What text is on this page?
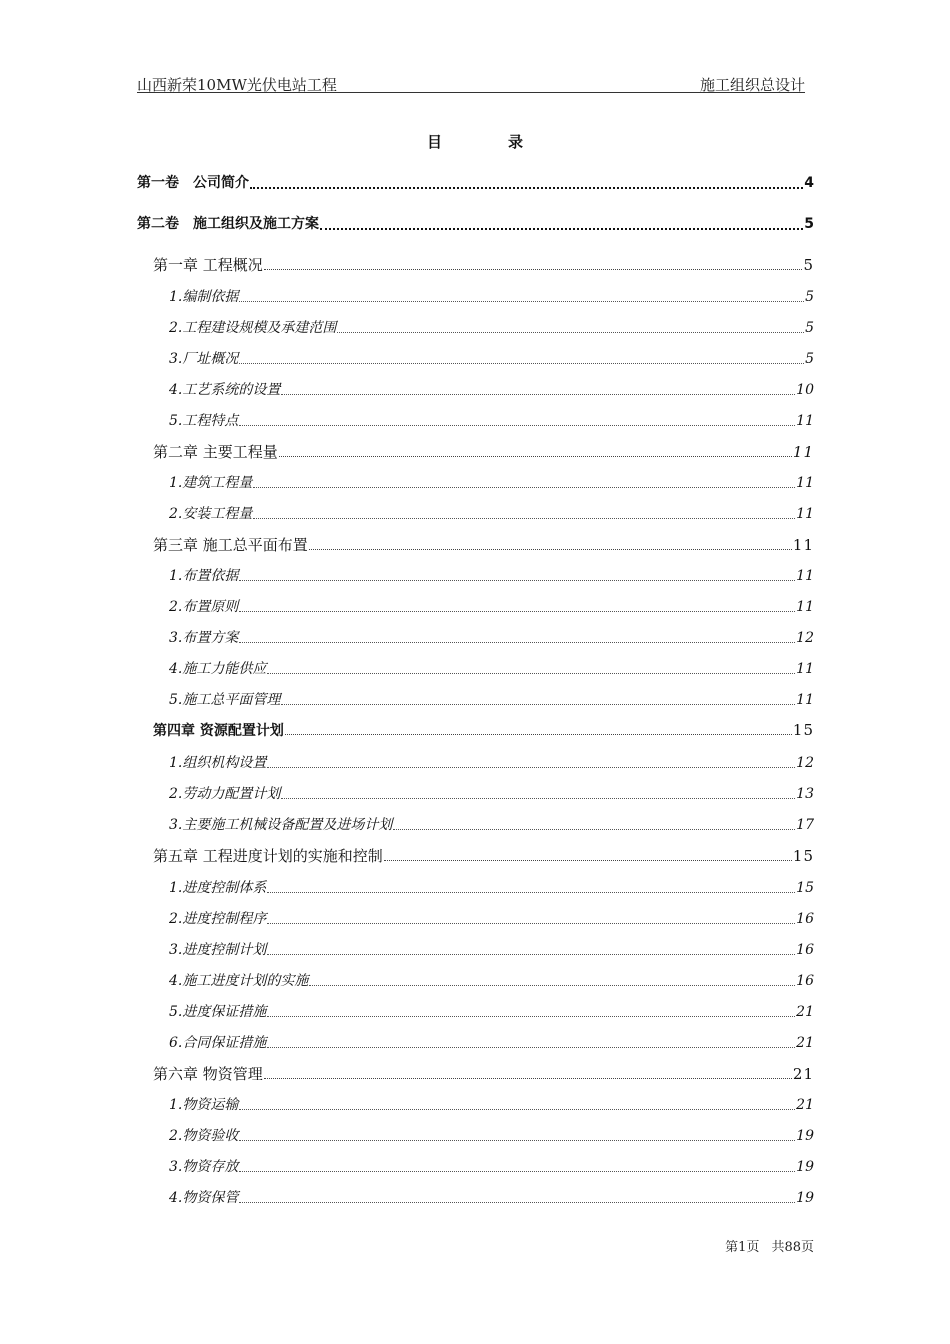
山西新荣10MW光伏电站工程	施工组织总设计
目	录
第一卷　公司简介	4
第二卷　施工组织及施工方案	5
第一章 工程概况	5
1.编制依据	5
2.工程建设规模及承建范围	5
3.厂址概况	5
4.工艺系统的设置	10
5.工程特点	11
第二章 主要工程量	11
1.建筑工程量	11
2.安装工程量	11
第三章 施工总平面布置	11
1.布置依据	11
2.布置原则	11
3.布置方案	12
4.施工力能供应	11
5.施工总平面管理	11
第四章 资源配置计划	15
1.组织机构设置	12
2.劳动力配置计划	13
3.主要施工机械设备配置及进场计划	17
第五章 工程进度计划的实施和控制	15
1.进度控制体系	15
2.进度控制程序	16
3.进度控制计划	16
4.施工进度计划的实施	16
5.进度保证措施	21
6.合同保证措施	21
第六章 物资管理	21
1.物资运输	21
2.物资验收	19
3.物资存放	19
4.物资保管	19
第1页 共88页
